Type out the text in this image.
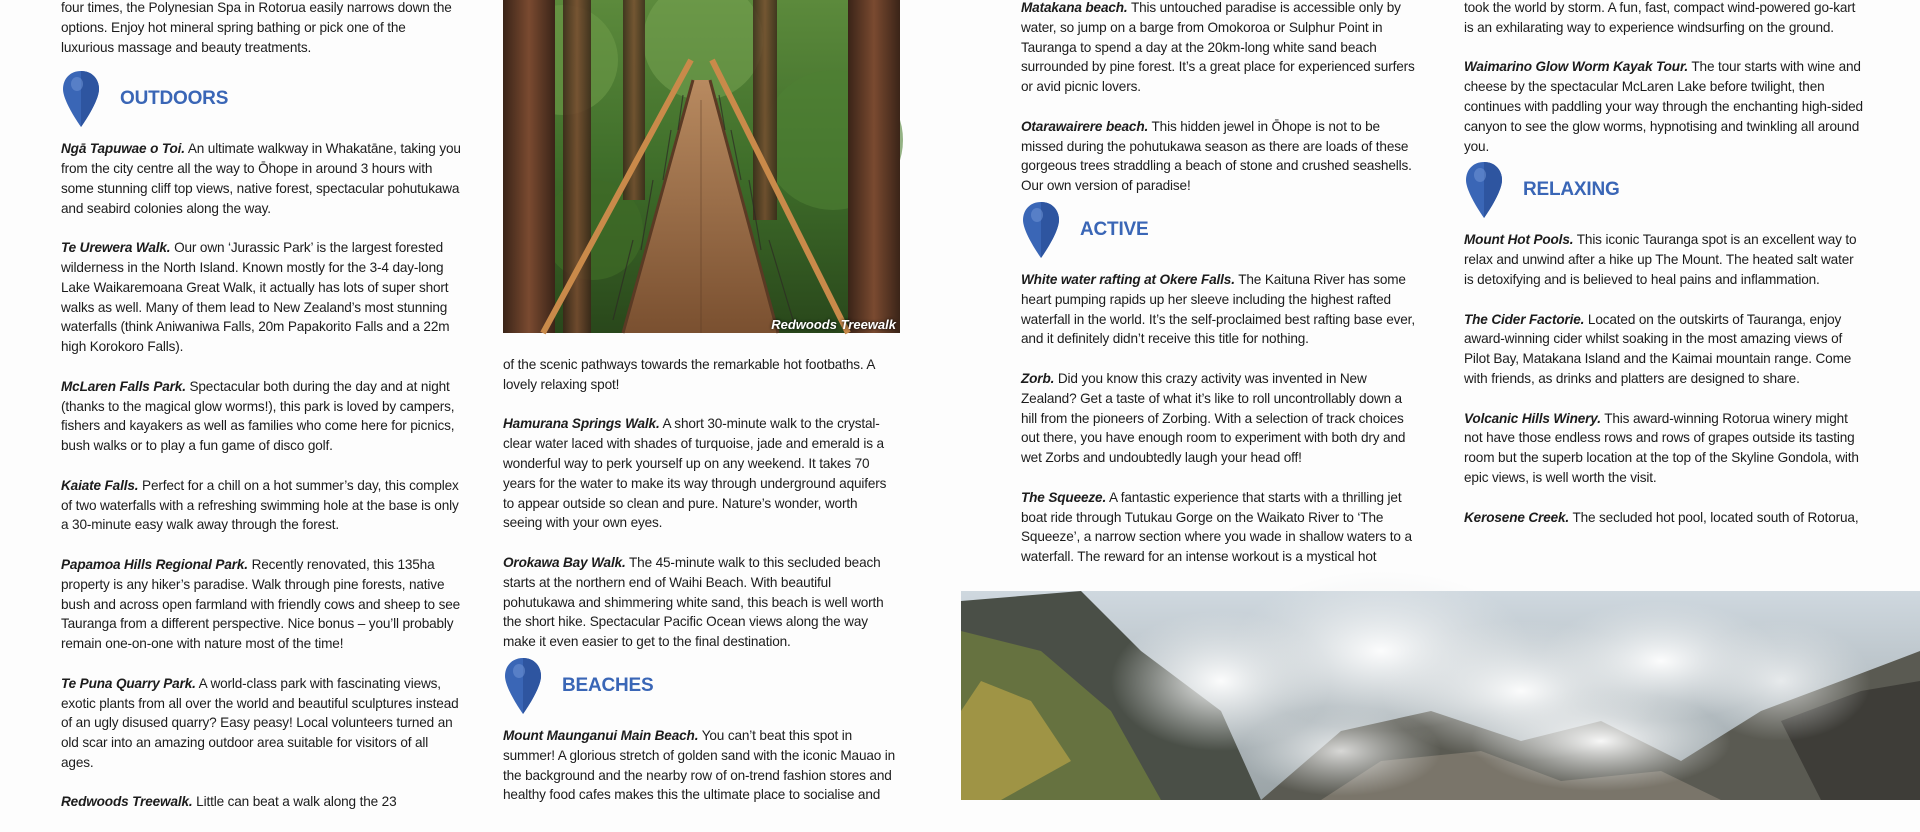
four times, the Polynesian Spa in Rotorua easily narrows down the options. Enjoy hot mineral spring bathing or pick one of the luxurious massage and beauty treatments.

OUTDOORS

Ngā Tapuwae o Toi. An ultimate walkway in Whakatāne, taking you from the city centre all the way to Ōhope in around 3 hours with some stunning cliff top views, native forest, spectacular pohutukawa and seabird colonies along the way.

Te Urewera Walk. Our own ‘Jurassic Park’ is the largest forested wilderness in the North Island. Known mostly for the 3-4 day-long Lake Waikaremoana Great Walk, it actually has lots of super short walks as well. Many of them lead to New Zealand’s most stunning waterfalls (think Aniwaniwa Falls, 20m Papakorito Falls and a 22m high Korokoro Falls).

McLaren Falls Park. Spectacular both during the day and at night (thanks to the magical glow worms!), this park is loved by campers, fishers and kayakers as well as families who come here for picnics, bush walks or to play a fun game of disco golf.

Kaiate Falls. Perfect for a chill on a hot summer’s day, this complex of two waterfalls with a refreshing swimming hole at the base is only a 30-minute easy walk away through the forest.

Papamoa Hills Regional Park. Recently renovated, this 135ha property is any hiker’s paradise. Walk through pine forests, native bush and across open farmland with friendly cows and sheep to see Tauranga from a different perspective. Nice bonus – you’ll probably remain one-on-one with nature most of the time!

Te Puna Quarry Park. A world-class park with fascinating views, exotic plants from all over the world and beautiful sculptures instead of an ugly disused quarry? Easy peasy! Local volunteers turned an old scar into an amazing outdoor area suitable for visitors of all ages.

Redwoods Treewalk. Little can beat a walk along the 23

Redwoods Treewalk

of the scenic pathways towards the remarkable hot footbaths. A lovely relaxing spot!

Hamurana Springs Walk. A short 30-minute walk to the crystal-clear water laced with shades of turquoise, jade and emerald is a wonderful way to perk yourself up on any weekend. It takes 70 years for the water to make its way through underground aquifers to appear outside so clean and pure. Nature’s wonder, worth seeing with your own eyes.

Orokawa Bay Walk. The 45-minute walk to this secluded beach starts at the northern end of Waihi Beach. With beautiful pohutukawa and shimmering white sand, this beach is well worth the short hike. Spectacular Pacific Ocean views along the way make it even easier to get to the final destination.

BEACHES

Mount Maunganui Main Beach. You can’t beat this spot in summer! A glorious stretch of golden sand with the iconic Mauao in the background and the nearby row of on-trend fashion stores and healthy food cafes makes this the ultimate place to socialise and

Matakana beach. This untouched paradise is accessible only by water, so jump on a barge from Omokoroa or Sulphur Point in Tauranga to spend a day at the 20km-long white sand beach surrounded by pine forest. It’s a great place for experienced surfers or avid picnic lovers.

Otarawairere beach. This hidden jewel in Ōhope is not to be missed during the pohutukawa season as there are loads of these gorgeous trees straddling a beach of stone and crushed seashells. Our own version of paradise!

ACTIVE

White water rafting at Okere Falls. The Kaituna River has some heart pumping rapids up her sleeve including the highest rafted waterfall in the world. It’s the self-proclaimed best rafting base ever, and it definitely didn’t receive this title for nothing.

Zorb. Did you know this crazy activity was invented in New Zealand? Get a taste of what it’s like to roll uncontrollably down a hill from the pioneers of Zorbing. With a selection of track choices out there, you have enough room to experiment with both dry and wet Zorbs and undoubtedly laugh your head off!

The Squeeze. A fantastic experience that starts with a thrilling jet boat ride through Tutukau Gorge on the Waikato River to ‘The Squeeze’, a narrow section where you wade in shallow waters to a waterfall. The reward for an intense workout is a mystical hot

took the world by storm. A fun, fast, compact wind-powered go-kart is an exhilarating way to experience windsurfing on the ground.

Waimarino Glow Worm Kayak Tour. The tour starts with wine and cheese by the spectacular McLaren Lake before twilight, then continues with paddling your way through the enchanting high-sided canyon to see the glow worms, hypnotising and twinkling all around you.

RELAXING

Mount Hot Pools. This iconic Tauranga spot is an excellent way to relax and unwind after a hike up The Mount. The heated salt water is detoxifying and is believed to heal pains and inflammation.

The Cider Factorie. Located on the outskirts of Tauranga, enjoy award-winning cider whilst soaking in the most amazing views of Pilot Bay, Matakana Island and the Kaimai mountain range. Come with friends, as drinks and platters are designed to share.

Volcanic Hills Winery. This award-winning Rotorua winery might not have those endless rows and rows of grapes outside its tasting room but the superb location at the top of the Skyline Gondola, with epic views, is well worth the visit.

Kerosene Creek. The secluded hot pool, located south of Rotorua,
